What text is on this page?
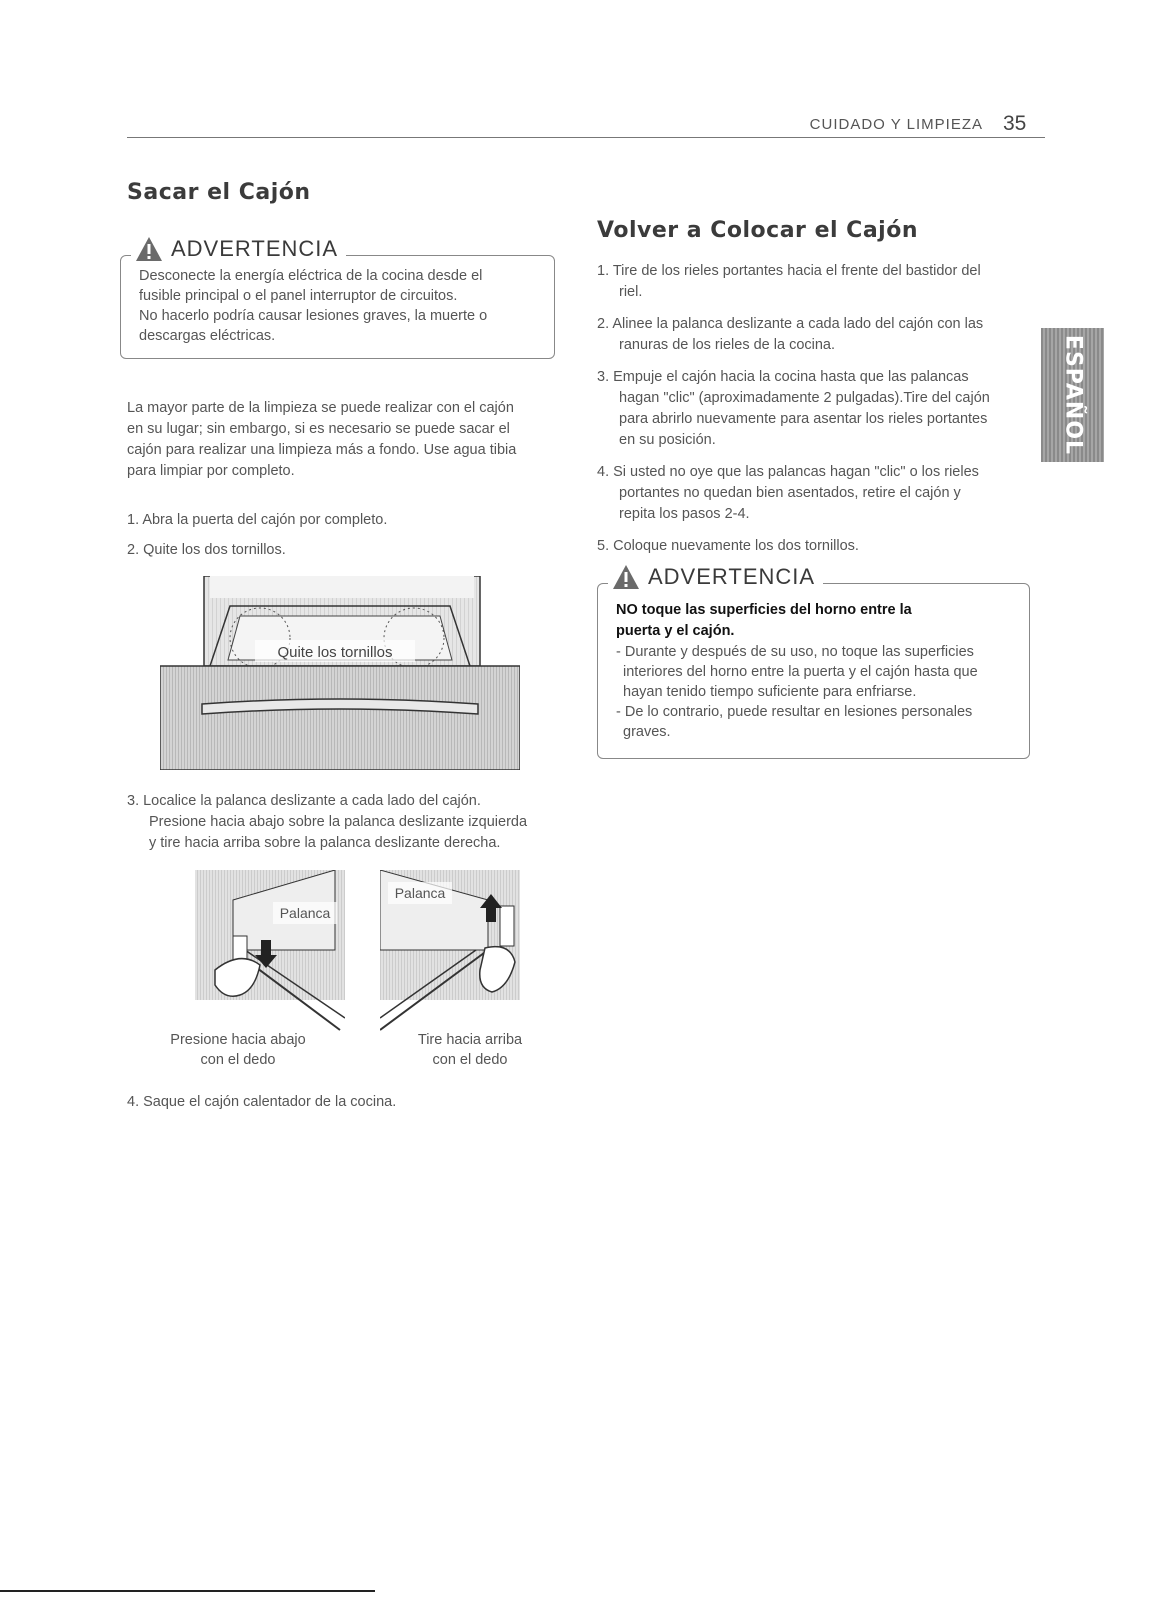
CUIDADO Y LIMPIEZA 35
ESPAÑOL
Sacar el Cajón
ADVERTENCIA
Desconecte la energía eléctrica de la cocina desde el
fusible principal o el panel interruptor de circuitos.
No hacerlo podría causar lesiones graves, la muerte o
descargas eléctricas.
La mayor parte de la limpieza se puede realizar con el cajón
en su lugar; sin embargo, si es necesario se puede sacar el
cajón para realizar una limpieza más a fondo. Use agua tibia
para limpiar por completo.
1. Abra la puerta del cajón por completo.
2. Quite los dos tornillos.
Quite los tornillos
3. Localice la palanca deslizante a cada lado del cajón.
Presione hacia abajo sobre la palanca deslizante izquierda
y tire hacia arriba sobre la palanca deslizante derecha.
Palanca
Palanca
Presione hacia abajo
con el dedo
Tire hacia arriba
con el dedo
4. Saque el cajón calentador de la cocina.
Volver a Colocar el Cajón
1. Tire de los rieles portantes hacia el frente del bastidor del
riel.
2. Alinee la palanca deslizante a cada lado del cajón con las
ranuras de los rieles de la cocina.
3. Empuje el cajón hacia la cocina hasta que las palancas
hagan "clic" (aproximadamente 2 pulgadas).Tire del cajón
para abrirlo nuevamente para asentar los rieles portantes
en su posición.
4. Si usted no oye que las palancas hagan "clic" o los rieles
portantes no quedan bien asentados, retire el cajón y
repita los pasos 2-4.
5. Coloque nuevamente los dos tornillos.
ADVERTENCIA
NO toque las superficies del horno entre la
puerta y el cajón.
- Durante y después de su uso, no toque las superficies
interiores del horno entre la puerta y el cajón hasta que
hayan tenido tiempo suficiente para enfriarse.
- De lo contrario, puede resultar en lesiones personales
graves.
